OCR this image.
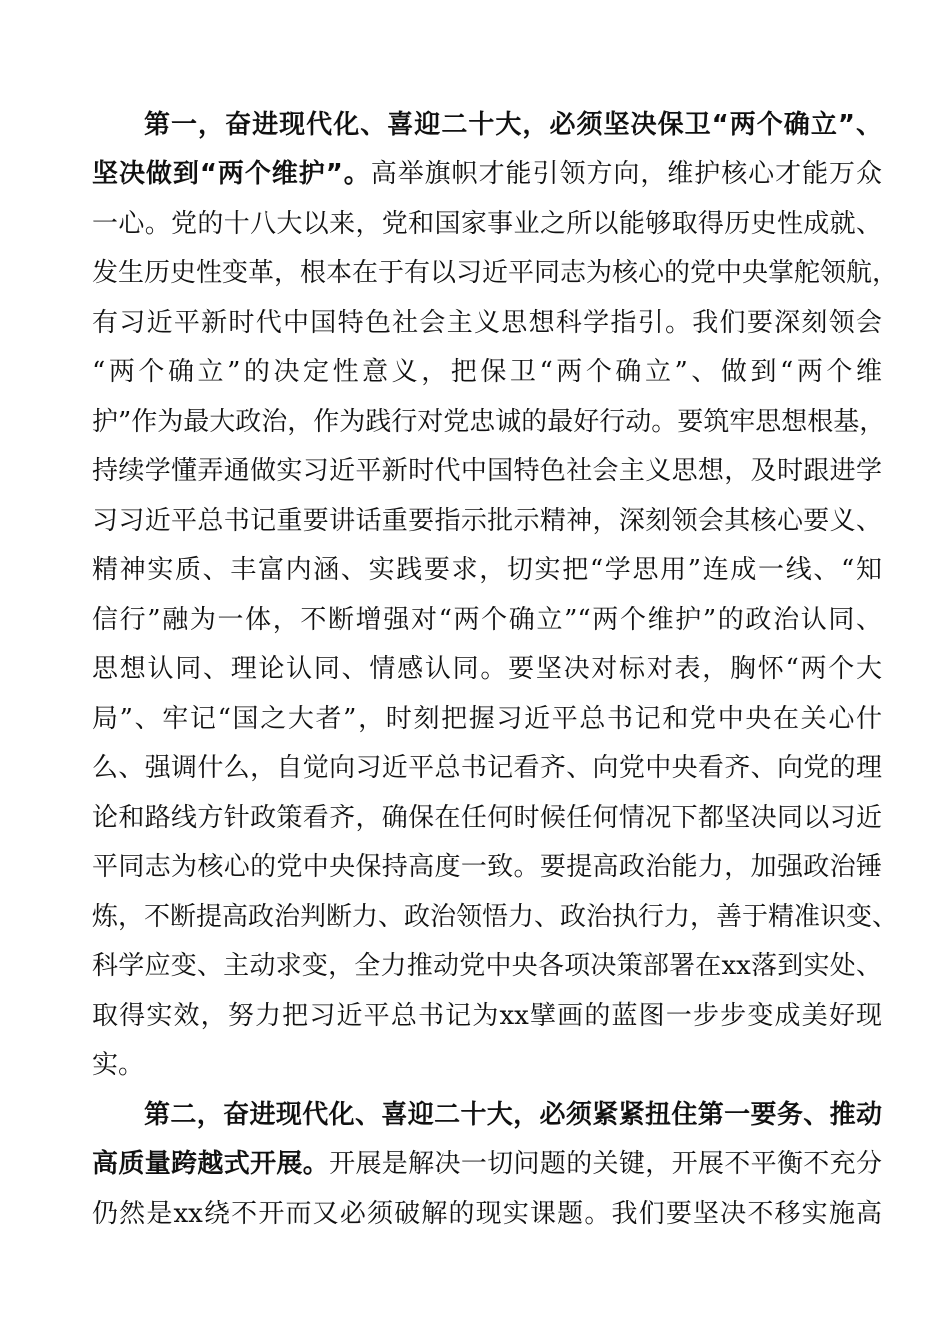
第一，奋进现代化、喜迎二十大，必须坚决保卫“两个确立”、
坚决做到“两个维护”。高举旗帜才能引领方向，维护核心才能万众
一心。党的十八大以来，党和国家事业之所以能够取得历史性成就、
发生历史性变革，根本在于有以习近平同志为核心的党中央掌舵领航，
有习近平新时代中国特色社会主义思想科学指引。我们要深刻领会
“两个确立”的决定性意义，把保卫“两个确立”、做到“两个维
护”作为最大政治，作为践行对党忠诚的最好行动。要筑牢思想根基，
持续学懂弄通做实习近平新时代中国特色社会主义思想，及时跟进学
习习近平总书记重要讲话重要指示批示精神，深刻领会其核心要义、
精神实质、丰富内涵、实践要求，切实把“学思用”连成一线、“知
信行”融为一体，不断增强对“两个确立”“两个维护”的政治认同、
思想认同、理论认同、情感认同。要坚决对标对表，胸怀“两个大
局”、牢记“国之大者”，时刻把握习近平总书记和党中央在关心什
么、强调什么，自觉向习近平总书记看齐、向党中央看齐、向党的理
论和路线方针政策看齐，确保在任何时候任何情况下都坚决同以习近
平同志为核心的党中央保持高度一致。要提高政治能力，加强政治锤
炼，不断提高政治判断力、政治领悟力、政治执行力，善于精准识变、
科学应变、主动求变，全力推动党中央各项决策部署在xx落到实处、
取得实效，努力把习近平总书记为xx擘画的蓝图一步步变成美好现
实。
第二，奋进现代化、喜迎二十大，必须紧紧扭住第一要务、推动
高质量跨越式开展。开展是解决一切问题的关键，开展不平衡不充分
仍然是xx绕不开而又必须破解的现实课题。我们要坚决不移实施高
